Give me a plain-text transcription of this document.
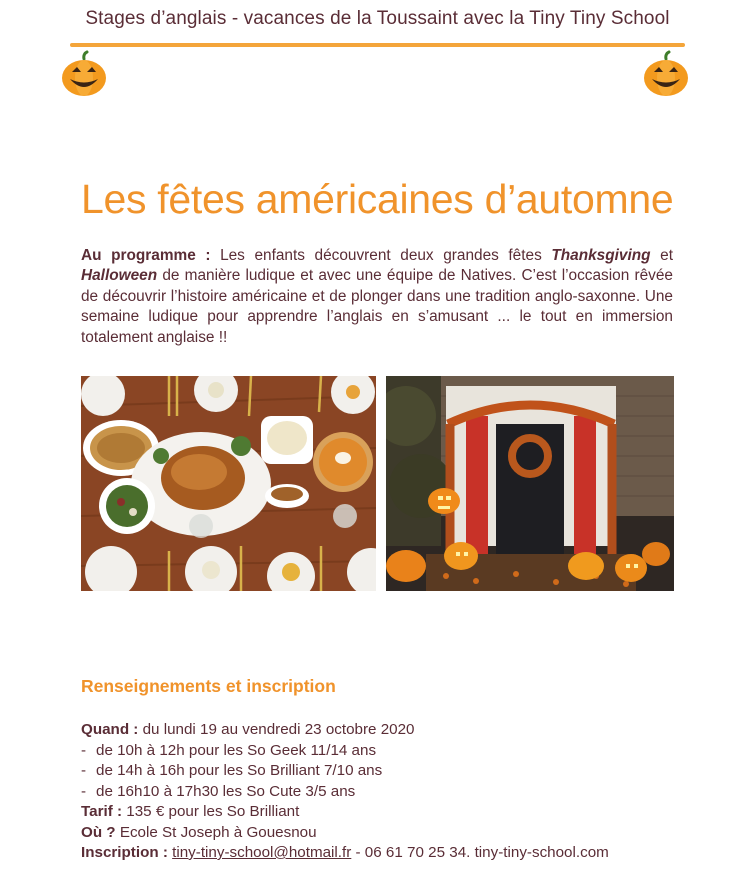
Stages d’anglais - vacances de la Toussaint avec la Tiny Tiny School
Les fêtes américaines d’automne

Au programme : Les enfants découvrent deux grandes fêtes Thanksgiving et Halloween de manière ludique et avec une équipe de Natives. C’est l’occasion rêvée de découvrir l’histoire américaine et de plonger dans une tradition anglo-saxonne. Une semaine ludique pour apprendre l’anglais en s’amusant ... le tout en immersion totalement anglaise !!

Renseignements et inscription
Quand : du lundi 19 au vendredi 23 octobre 2020
- de 10h à 12h pour les So Geek 11/14 ans
- de 14h à 16h pour les So Brilliant 7/10 ans
- de 16h10 à 17h30 les So Cute 3/5 ans
Tarif : 135 € pour les So Brilliant
Où ? Ecole St Joseph à Gouesnou
Inscription : tiny-tiny-school@hotmail.fr - 06 61 70 25 34. tiny-tiny-school.com
